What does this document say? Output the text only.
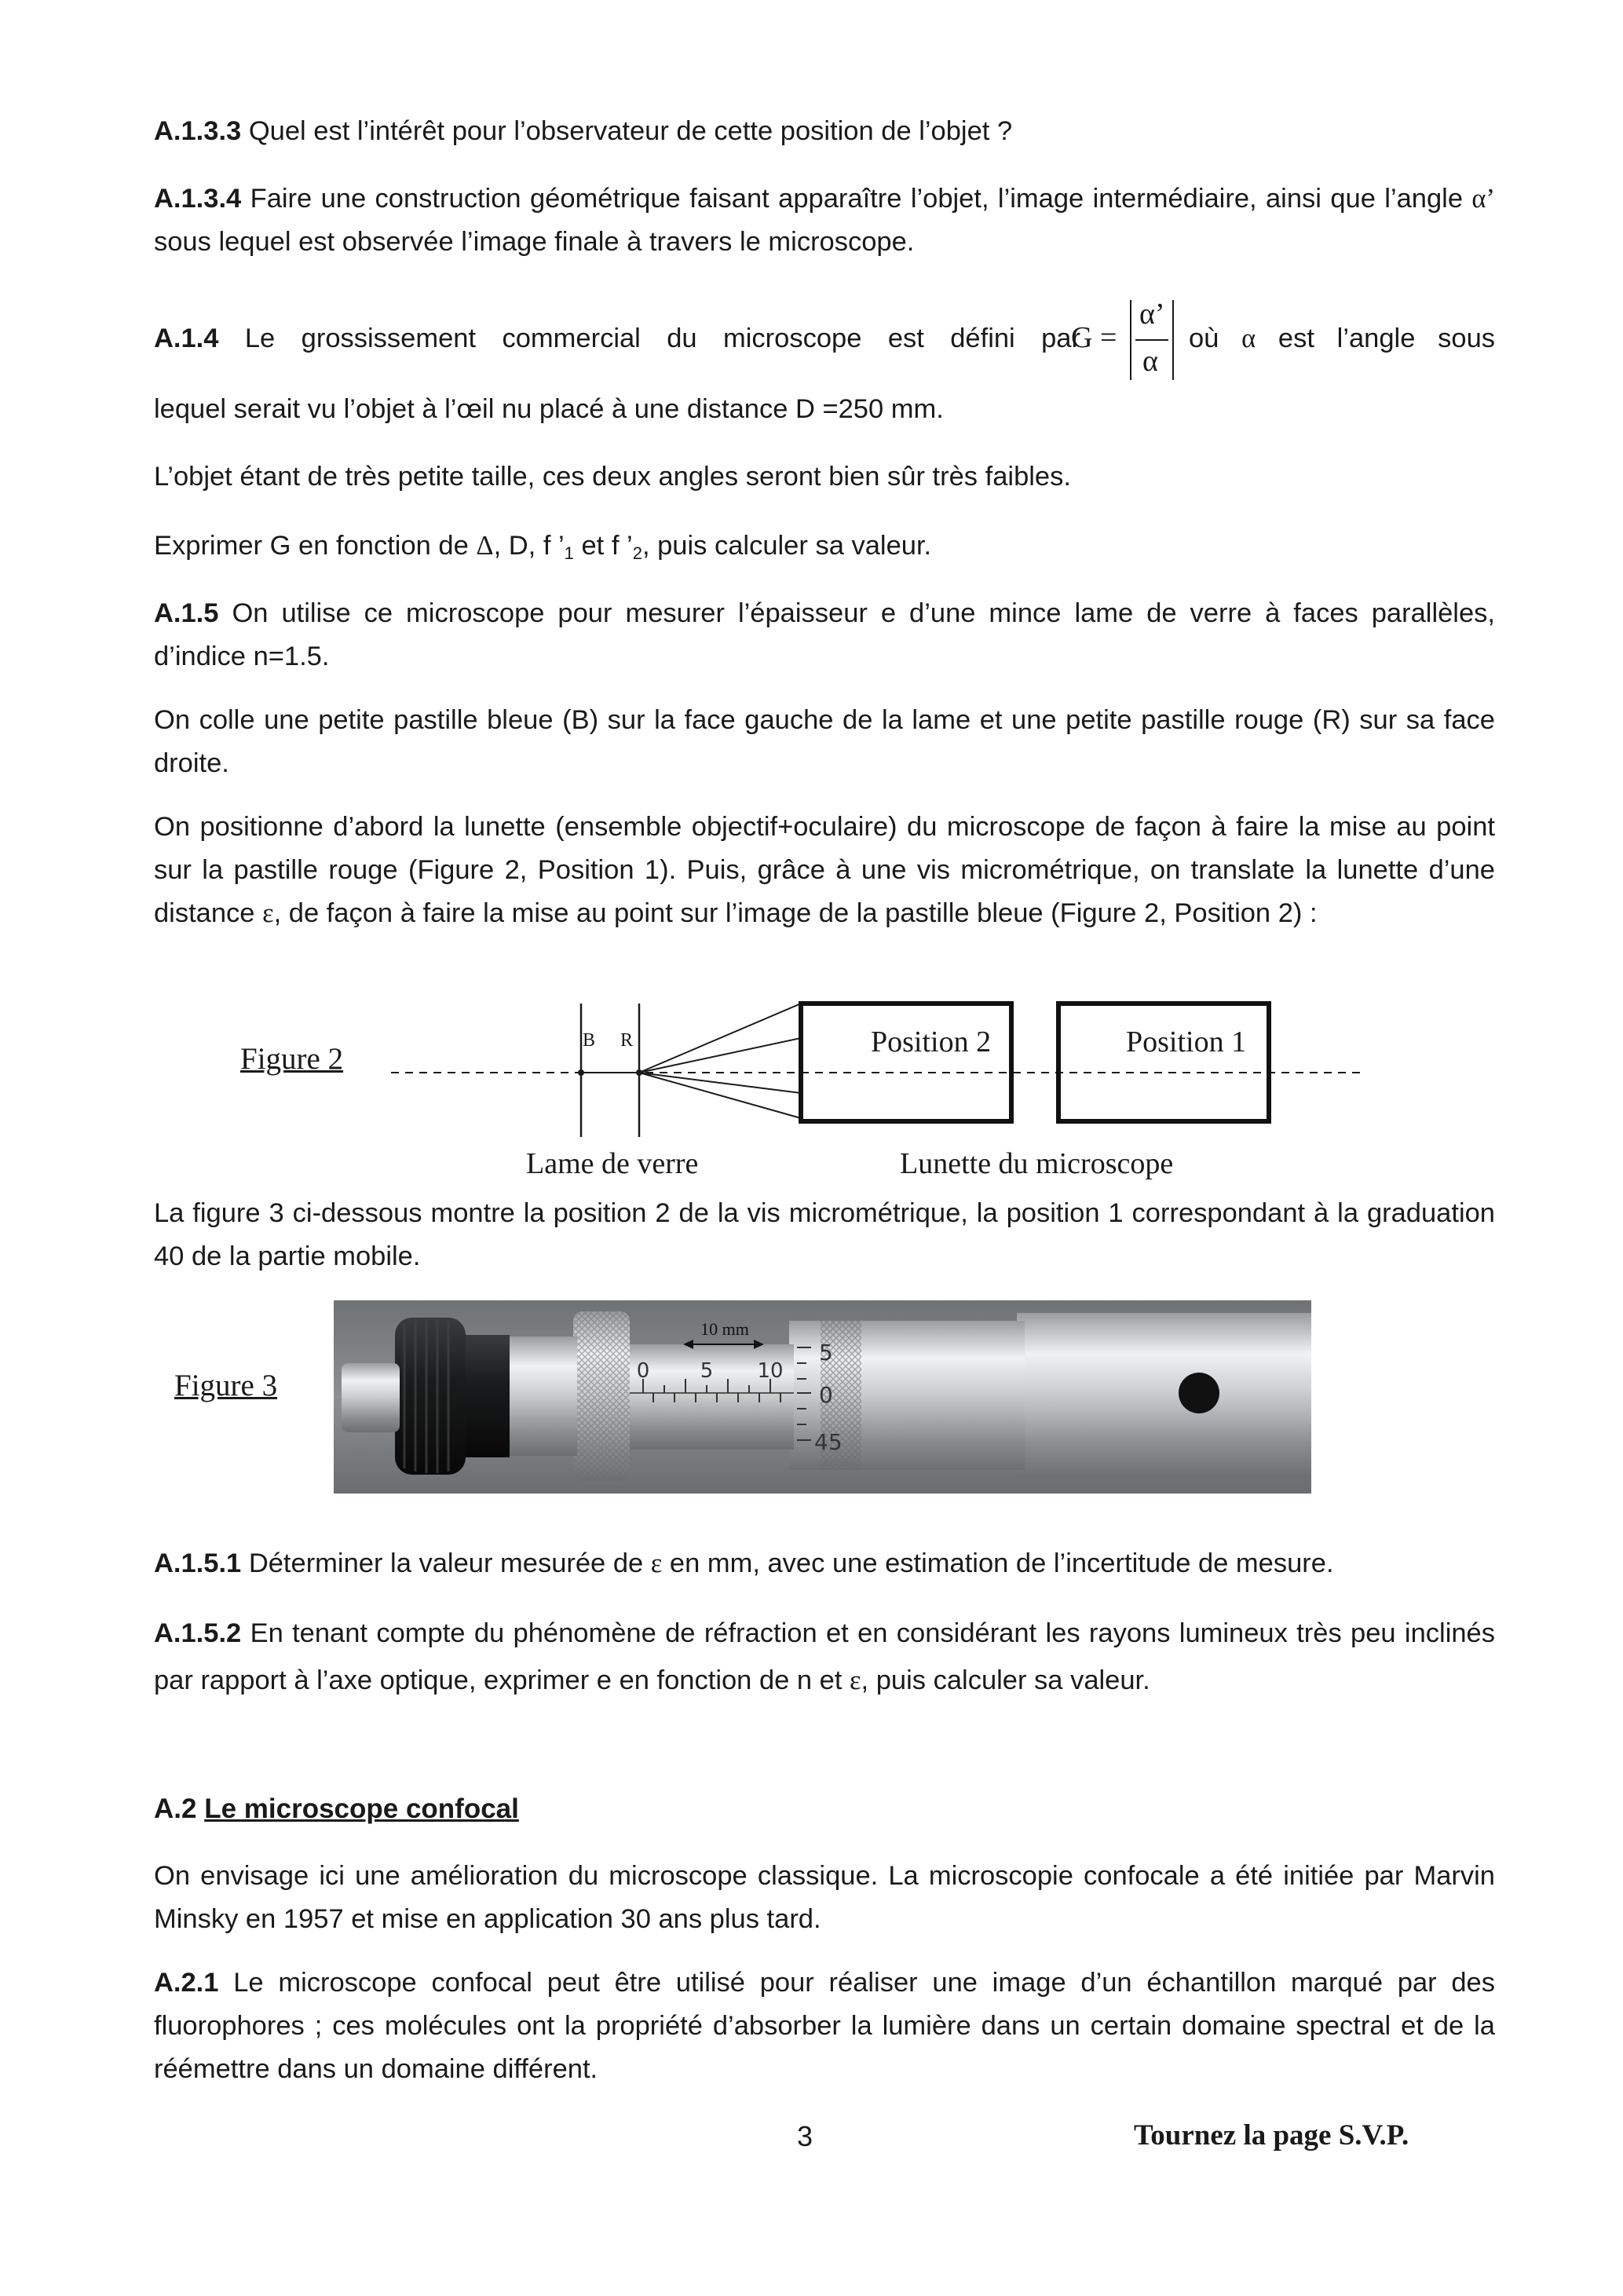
A.1.3.3 Quel est l’intérêt pour l’observateur de cette position de l’objet ?

A.1.3.4 Faire une construction géométrique faisant apparaître l’objet, l’image intermédiaire, ainsi que l’angle α’ sous lequel est observée l’image finale à travers le microscope.

A.1.4 Le grossissement commercial du microscope est défini par

G =
α’
α

où α est l’angle sous

lequel serait vu l’objet à l’œil nu placé à une distance D =250 mm.

L’objet étant de très petite taille, ces deux angles seront bien sûr très faibles.

Exprimer G en fonction de Δ, D, f $’_1$ et f $’_2$, puis calculer sa valeur.

A.1.5 On utilise ce microscope pour mesurer l’épaisseur e d’une mince lame de verre à faces parallèles, d’indice n=1.5.

On colle une petite pastille bleue (B) sur la face gauche de la lame et une petite pastille rouge (R) sur sa face droite.

On positionne d’abord la lunette (ensemble objectif+oculaire) du microscope de façon à faire la mise au point sur la pastille rouge (Figure 2, Position 1). Puis, grâce à une vis micrométrique, on translate la lunette d’une distance ε, de façon à faire la mise au point sur l’image de la pastille bleue (Figure 2, Position 2) :

Figure 2
B R	Position 2	Position 1
Lame de verre	Lunette du microscope

La figure 3 ci-dessous montre la position 2 de la vis micrométrique, la position 1 correspondant à la graduation 40 de la partie mobile.

Figure 3	0 5 10
10 mm
5
0
45

A.1.5.1 Déterminer la valeur mesurée de ε en mm, avec une estimation de l’incertitude de mesure.

A.1.5.2 En tenant compte du phénomène de réfraction et en considérant les rayons lumineux très peu inclinés par rapport à l’axe optique, exprimer e en fonction de n et ε, puis calculer sa valeur.

A.2 Le microscope confocal

On envisage ici une amélioration du microscope classique. La microscopie confocale a été initiée par Marvin Minsky en 1957 et mise en application 30 ans plus tard.

A.2.1 Le microscope confocal peut être utilisé pour réaliser une image d’un échantillon marqué par des fluorophores ; ces molécules ont la propriété d’absorber la lumière dans un certain domaine spectral et de la réémettre dans un domaine différent.

3	Tournez la page S.V.P.
